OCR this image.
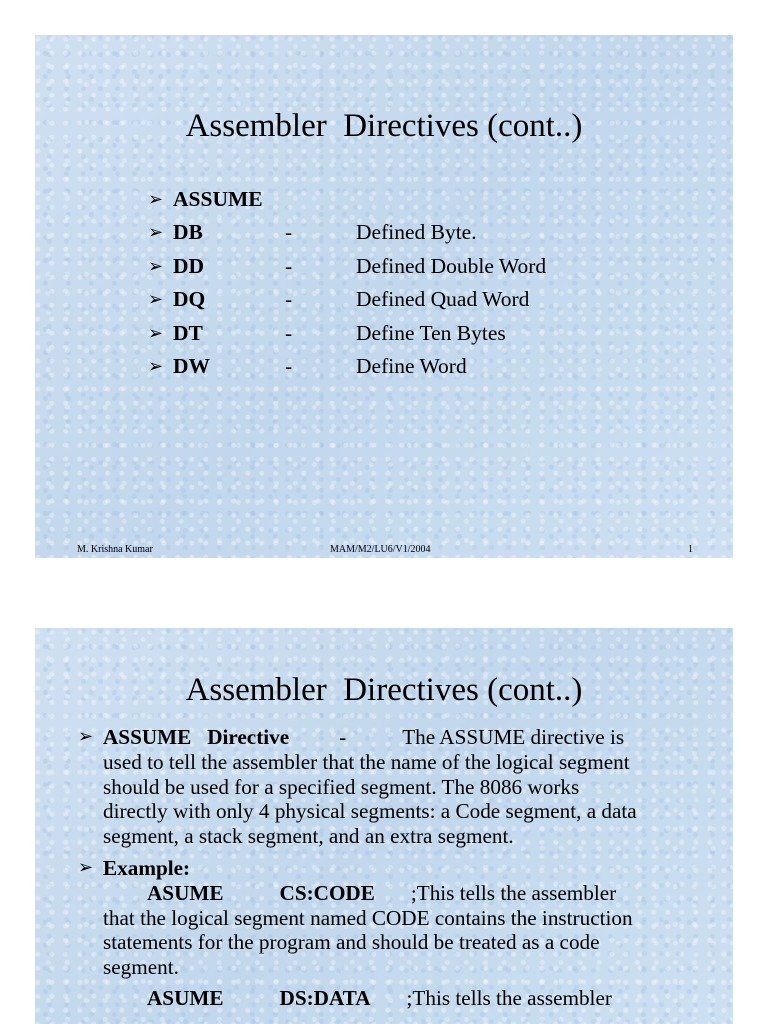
Assembler  Directives (cont..)
➢ ASSUME
➢ DB	-	Defined Byte.
➢ DD	-	Defined Double Word
➢ DQ	-	Defined Quad Word
➢ DT	-	Define Ten Bytes
➢ DW	-	Define Word
M. Krishna Kumar	MAM/M2/LU6/V1/2004	1
Assembler  Directives (cont..)
➢ ASSUME   Directive -	The ASSUME directive is
used to tell the assembler that the name of the logical segment
should be used for a specified segment. The 8086 works
directly with only 4 physical segments: a Code segment, a data
segment, a stack segment, and an extra segment.
➢ Example:
ASUME	CS:CODE ;This tells the assembler
that the logical segment named CODE contains the instruction
statements for the program and should be treated as a code
segment.
ASUME	DS:DATA ;This tells the assembler
